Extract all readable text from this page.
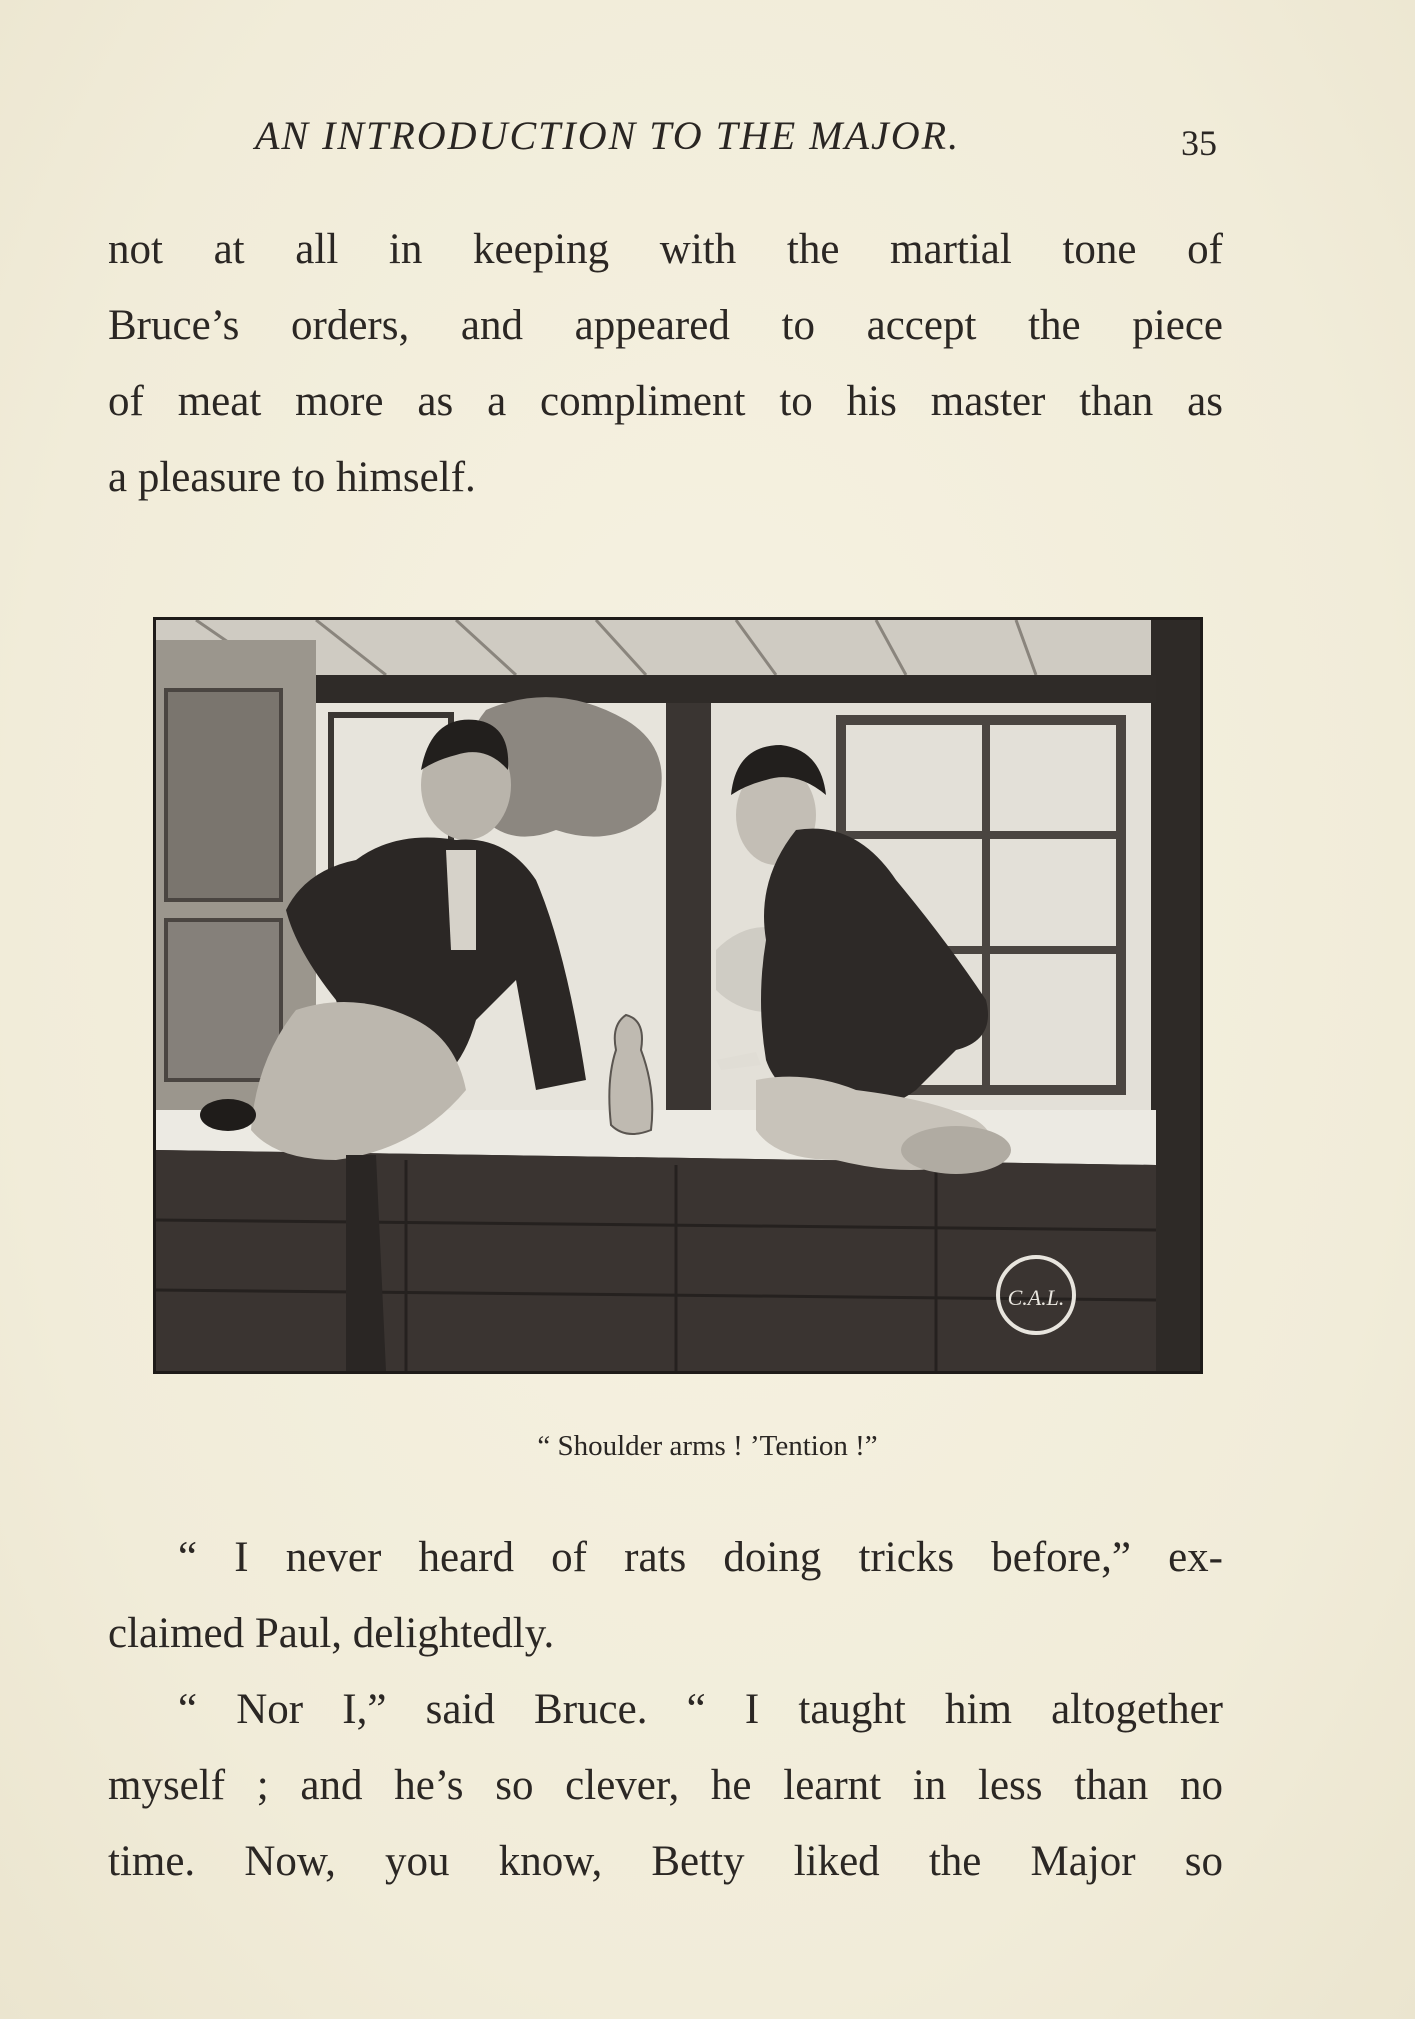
AN INTRODUCTION TO THE MAJOR.	35
not at all in keeping with the martial tone of
Bruce’s orders, and appeared to accept the piece
of meat more as a compliment to his master than as
a pleasure to himself.
C.A.L.
“ Shoulder arms ! ’Tention !”
“ I never heard of rats doing tricks before,” ex-
claimed Paul, delightedly.
“ Nor I,” said Bruce. “ I taught him altogether
myself ; and he’s so clever, he learnt in less than no
time. Now, you know, Betty liked the Major so
